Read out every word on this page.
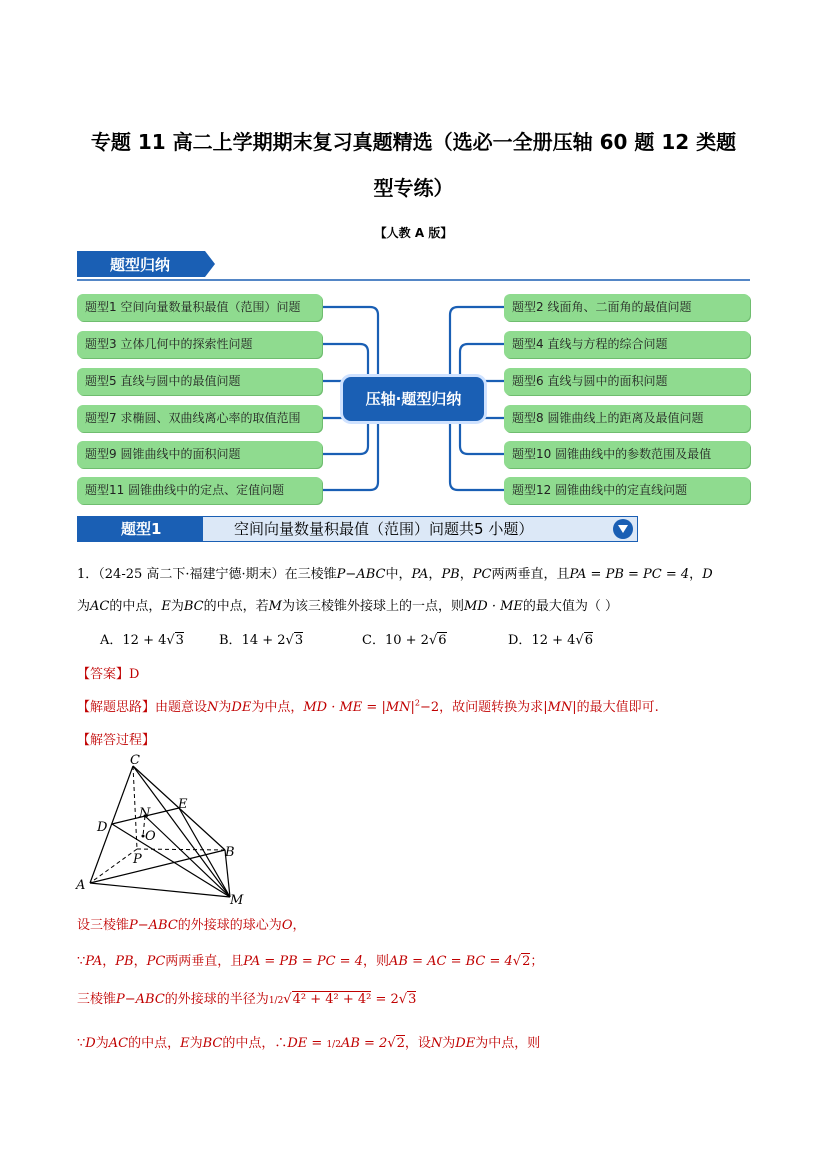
专题 11 高二上学期期末复习真题精选（选必一全册压轴 60 题 12 类题
型专练）
【人教 A 版】
题型归纳
题型1 空间向量数量积最值（范围）问题
题型3 立体几何中的探索性问题
题型5 直线与圆中的最值问题
题型7 求椭圆、双曲线离心率的取值范围
题型9 圆锥曲线中的面积问题
题型11 圆锥曲线中的定点、定值问题
压轴·题型归纳
题型2 线面角、二面角的最值问题
题型4 直线与方程的综合问题
题型6 直线与圆中的面积问题
题型8 圆锥曲线上的距离及最值问题
题型10 圆锥曲线中的参数范围及最值
题型12 圆锥曲线中的定直线问题
空间向量数量积最值（范围）问题共5 小题）
题型1
1．（24-25 高二下·福建宁德·期末）在三棱锥P−ABC中，PA，PB，PC两两垂直，且PA = PB = PC = 4，D
为AC的中点，E为BC的中点，若M为该三棱锥外接球上的一点，则MD · ME的最大值为（ ）
A．12 + 4√3	B．14 + 2√3	C．10 + 2√6	D．12 + 4√6
【答案】D
【解题思路】由题意设N为DE为中点，MD · ME = $|MN|^2-2$，故问题转换为求|MN|的最大值即可.
【解答过程】
C
N
E
D
O
P	B
A
M
设三棱锥P−ABC的外接球的球心为O，
∵PA，PB，PC两两垂直，且PA = PB = PC = 4，则AB = AC = BC = 4√2；
三棱锥P−ABC的外接球的半径为1/2√4² + 4² + 4² = 2√3
∵D为AC的中点，E为BC的中点，∴DE = 1/2AB = 2√2，设N为DE为中点，则
